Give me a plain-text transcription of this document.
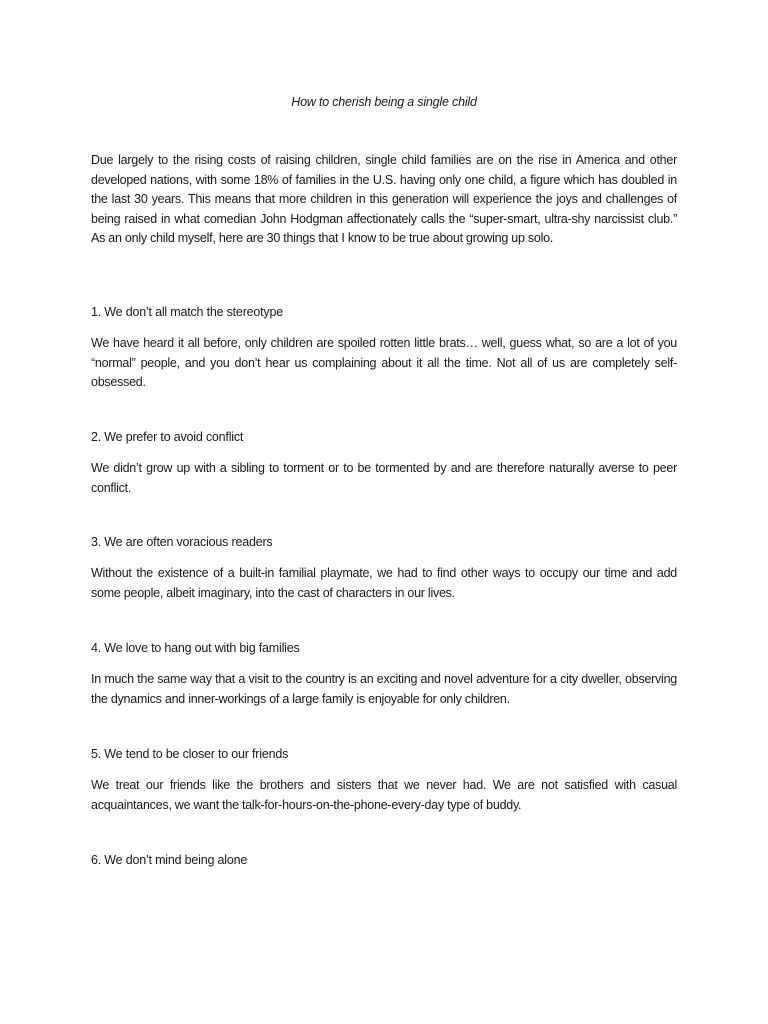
How to cherish being a single child

Due largely to the rising costs of raising children, single child families are on the rise in America and other developed nations, with some 18% of families in the U.S. having only one child, a figure which has doubled in the last 30 years. This means that more children in this generation will experience the joys and challenges of being raised in what comedian John Hodgman affectionately calls the “super-smart, ultra-shy narcissist club.” As an only child myself, here are 30 things that I know to be true about growing up solo.

1. We don’t all match the stereotype

We have heard it all before, only children are spoiled rotten little brats… well, guess what, so are a lot of you “normal” people, and you don’t hear us complaining about it all the time. Not all of us are completely self-obsessed.

2. We prefer to avoid conflict

We didn’t grow up with a sibling to torment or to be tormented by and are therefore naturally averse to peer conflict.

3. We are often voracious readers

Without the existence of a built-in familial playmate, we had to find other ways to occupy our time and add some people, albeit imaginary, into the cast of characters in our lives.

4. We love to hang out with big families

In much the same way that a visit to the country is an exciting and novel adventure for a city dweller, observing the dynamics and inner-workings of a large family is enjoyable for only children.

5. We tend to be closer to our friends

We treat our friends like the brothers and sisters that we never had. We are not satisfied with casual acquaintances, we want the talk-for-hours-on-the-phone-every-day type of buddy.

6. We don’t mind being alone
